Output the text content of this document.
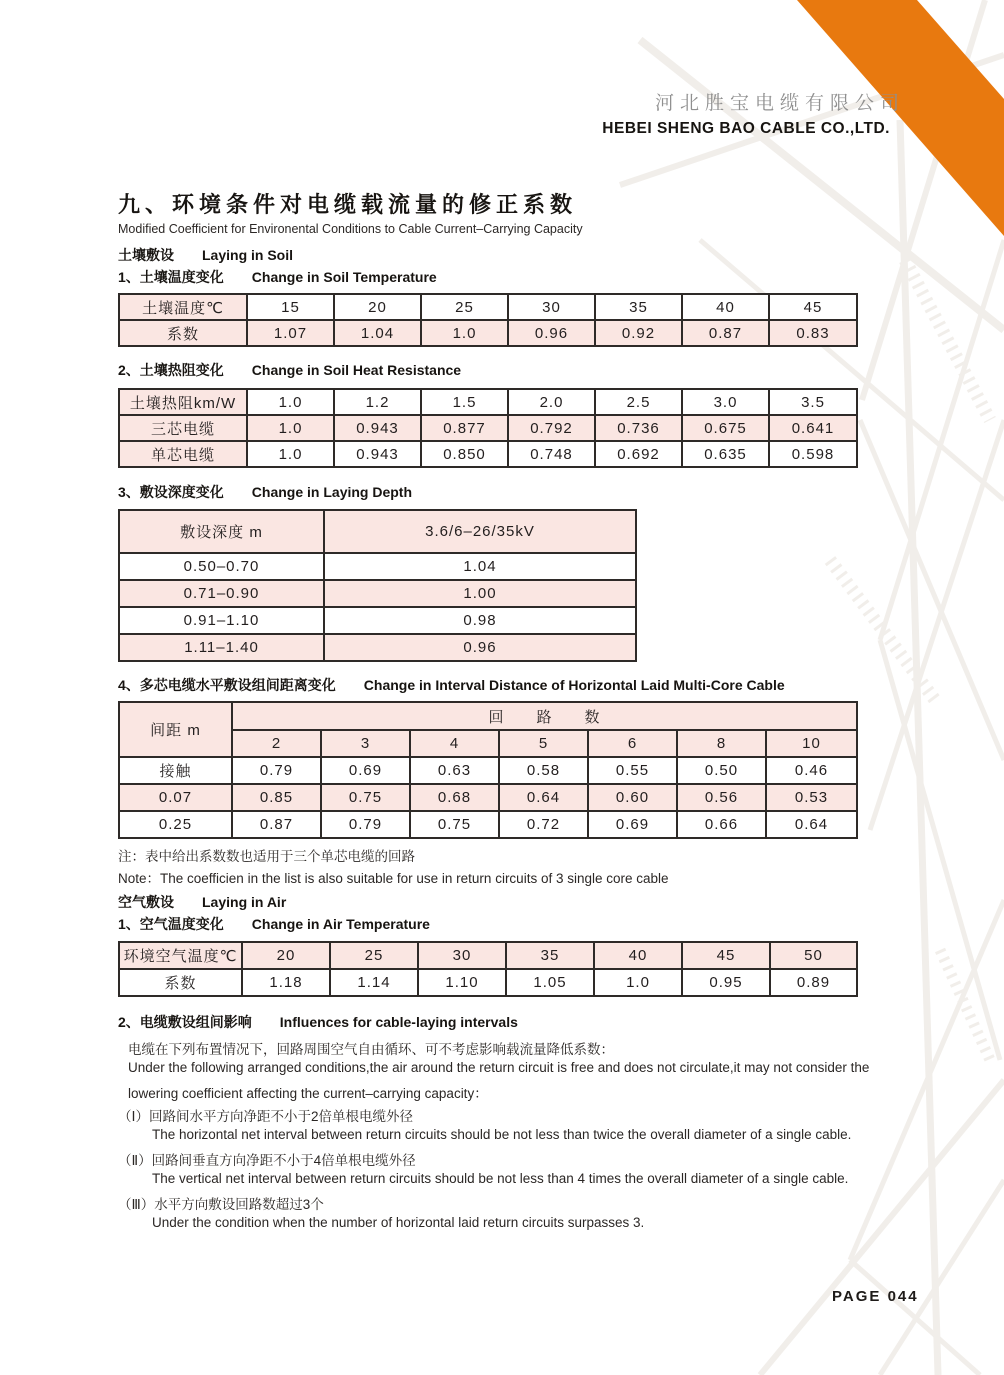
河北胜宝电缆有限公司
HEBEI SHENG BAO CABLE CO.,LTD.
九、环境条件对电缆载流量的修正系数
Modified Coefficient for Environental Conditions to Cable Current–Carrying Capacity
土壤敷设 Laying in Soil
1、土壤温度变化 Change in Soil Temperature
土壤温度℃	15	20	25	30	35	40	45
系数	1.07	1.04	1.0	0.96	0.92	0.87	0.83
2、土壤热阻变化 Change in Soil Heat Resistance
土壤热阻km/W	1.0	1.2	1.5	2.0	2.5	3.0	3.5
三芯电缆	1.0	0.943	0.877	0.792	0.736	0.675	0.641
单芯电缆	1.0	0.943	0.850	0.748	0.692	0.635	0.598
3、敷设深度变化 Change in Laying Depth
敷设深度 m	3.6/6–26/35kV
0.50–0.70	1.04
0.71–0.90	1.00
0.91–1.10	0.98
1.11–1.40	0.96
4、多芯电缆水平敷设组间距离变化 Change in Interval Distance of Horizontal Laid Multi-Core Cable
间距 m	回　　路　　数						
	2	3	4	5	6	8	10
接触	0.79	0.69	0.63	0.58	0.55	0.50	0.46
0.07	0.85	0.75	0.68	0.64	0.60	0.56	0.53
0.25	0.87	0.79	0.75	0.72	0.69	0.66	0.64
注：表中给出系数数也适用于三个单芯电缆的回路
Note：The coefficien in the list is also suitable for use in return circuits of 3 single core cable
空气敷设 Laying in Air
1、空气温度变化 Change in Air Temperature
环境空气温度℃	20	25	30	35	40	45	50
系数	1.18	1.14	1.10	1.05	1.0	0.95	0.89
2、电缆敷设组间影响 Influences for cable-laying intervals
电缆在下列布置情况下，回路周围空气自由循环、可不考虑影响载流量降低系数：
Under the following arranged conditions,the air around the return circuit is free and does not circulate,it may not consider the
lowering coefficient affecting the current–carrying capacity：
（Ⅰ）回路间水平方向净距不小于2倍单根电缆外径
The horizontal net interval between return circuits should be not less than twice the overall diameter of a single cable.
（Ⅱ）回路间垂直方向净距不小于4倍单根电缆外径
The vertical net interval between return circuits should be not less than 4 times the overall diameter of a single cable.
（Ⅲ）水平方向敷设回路数超过3个
Under the condition when the number of horizontal laid return circuits surpasses 3.
PAGE 044
